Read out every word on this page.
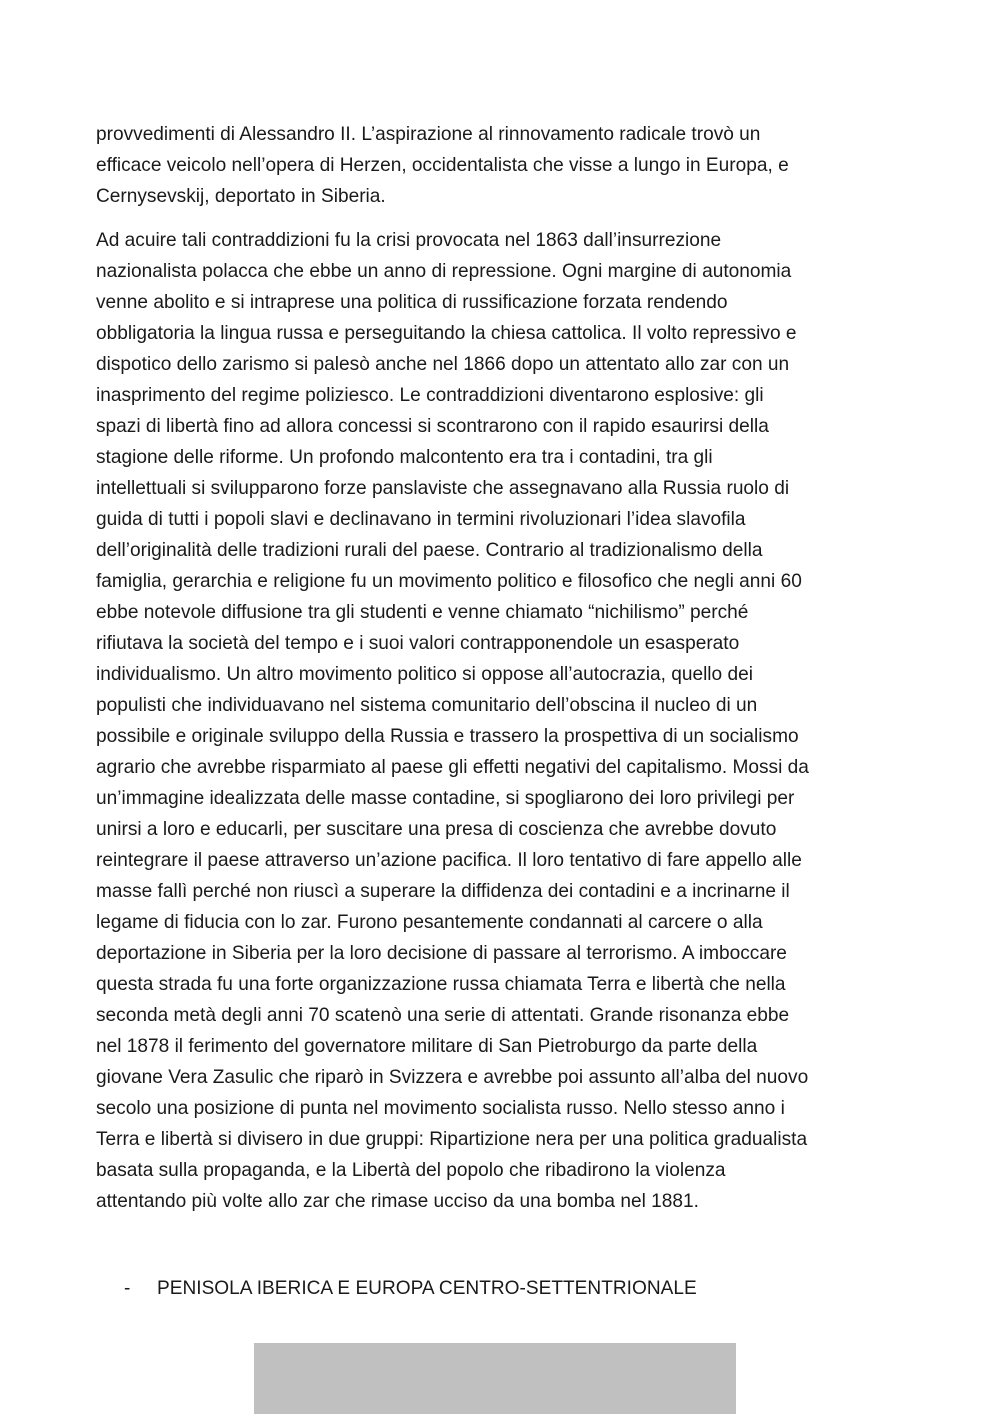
provvedimenti di Alessandro II. L’aspirazione al rinnovamento radicale trovò un
efficace veicolo nell’opera di Herzen, occidentalista che visse a lungo in Europa, e
Cernysevskij, deportato in Siberia.

Ad acuire tali contraddizioni fu la crisi provocata nel 1863 dall’insurrezione
nazionalista polacca che ebbe un anno di repressione. Ogni margine di autonomia
venne abolito e si intraprese una politica di russificazione forzata rendendo
obbligatoria la lingua russa e perseguitando la chiesa cattolica. Il volto repressivo e
dispotico dello zarismo si palesò anche nel 1866 dopo un attentato allo zar con un
inasprimento del regime poliziesco. Le contraddizioni diventarono esplosive: gli
spazi di libertà fino ad allora concessi si scontrarono con il rapido esaurirsi della
stagione delle riforme. Un profondo malcontento era tra i contadini, tra gli
intellettuali si svilupparono forze panslaviste che assegnavano alla Russia ruolo di
guida di tutti i popoli slavi e declinavano in termini rivoluzionari l’idea slavofila
dell’originalità delle tradizioni rurali del paese. Contrario al tradizionalismo della
famiglia, gerarchia e religione fu un movimento politico e filosofico che negli anni 60
ebbe notevole diffusione tra gli studenti e venne chiamato “nichilismo” perché
rifiutava la società del tempo e i suoi valori contrapponendole un esasperato
individualismo. Un altro movimento politico si oppose all’autocrazia, quello dei
populisti che individuavano nel sistema comunitario dell’obscina il nucleo di un
possibile e originale sviluppo della Russia e trassero la prospettiva di un socialismo
agrario che avrebbe risparmiato al paese gli effetti negativi del capitalismo. Mossi da
un’immagine idealizzata delle masse contadine, si spogliarono dei loro privilegi per
unirsi a loro e educarli, per suscitare una presa di coscienza che avrebbe dovuto
reintegrare il paese attraverso un’azione pacifica. Il loro tentativo di fare appello alle
masse fallì perché non riuscì a superare la diffidenza dei contadini e a incrinarne il
legame di fiducia con lo zar. Furono pesantemente condannati al carcere o alla
deportazione in Siberia per la loro decisione di passare al terrorismo. A imboccare
questa strada fu una forte organizzazione russa chiamata Terra e libertà che nella
seconda metà degli anni 70 scatenò una serie di attentati. Grande risonanza ebbe
nel 1878 il ferimento del governatore militare di San Pietroburgo da parte della
giovane Vera Zasulic che riparò in Svizzera e avrebbe poi assunto all’alba del nuovo
secolo una posizione di punta nel movimento socialista russo. Nello stesso anno i
Terra e libertà si divisero in due gruppi: Ripartizione nera per una politica gradualista
basata sulla propaganda, e la Libertà del popolo che ribadirono la violenza
attentando più volte allo zar che rimase ucciso da una bomba nel 1881.

- PENISOLA IBERICA E EUROPA CENTRO-SETTENTRIONALE
